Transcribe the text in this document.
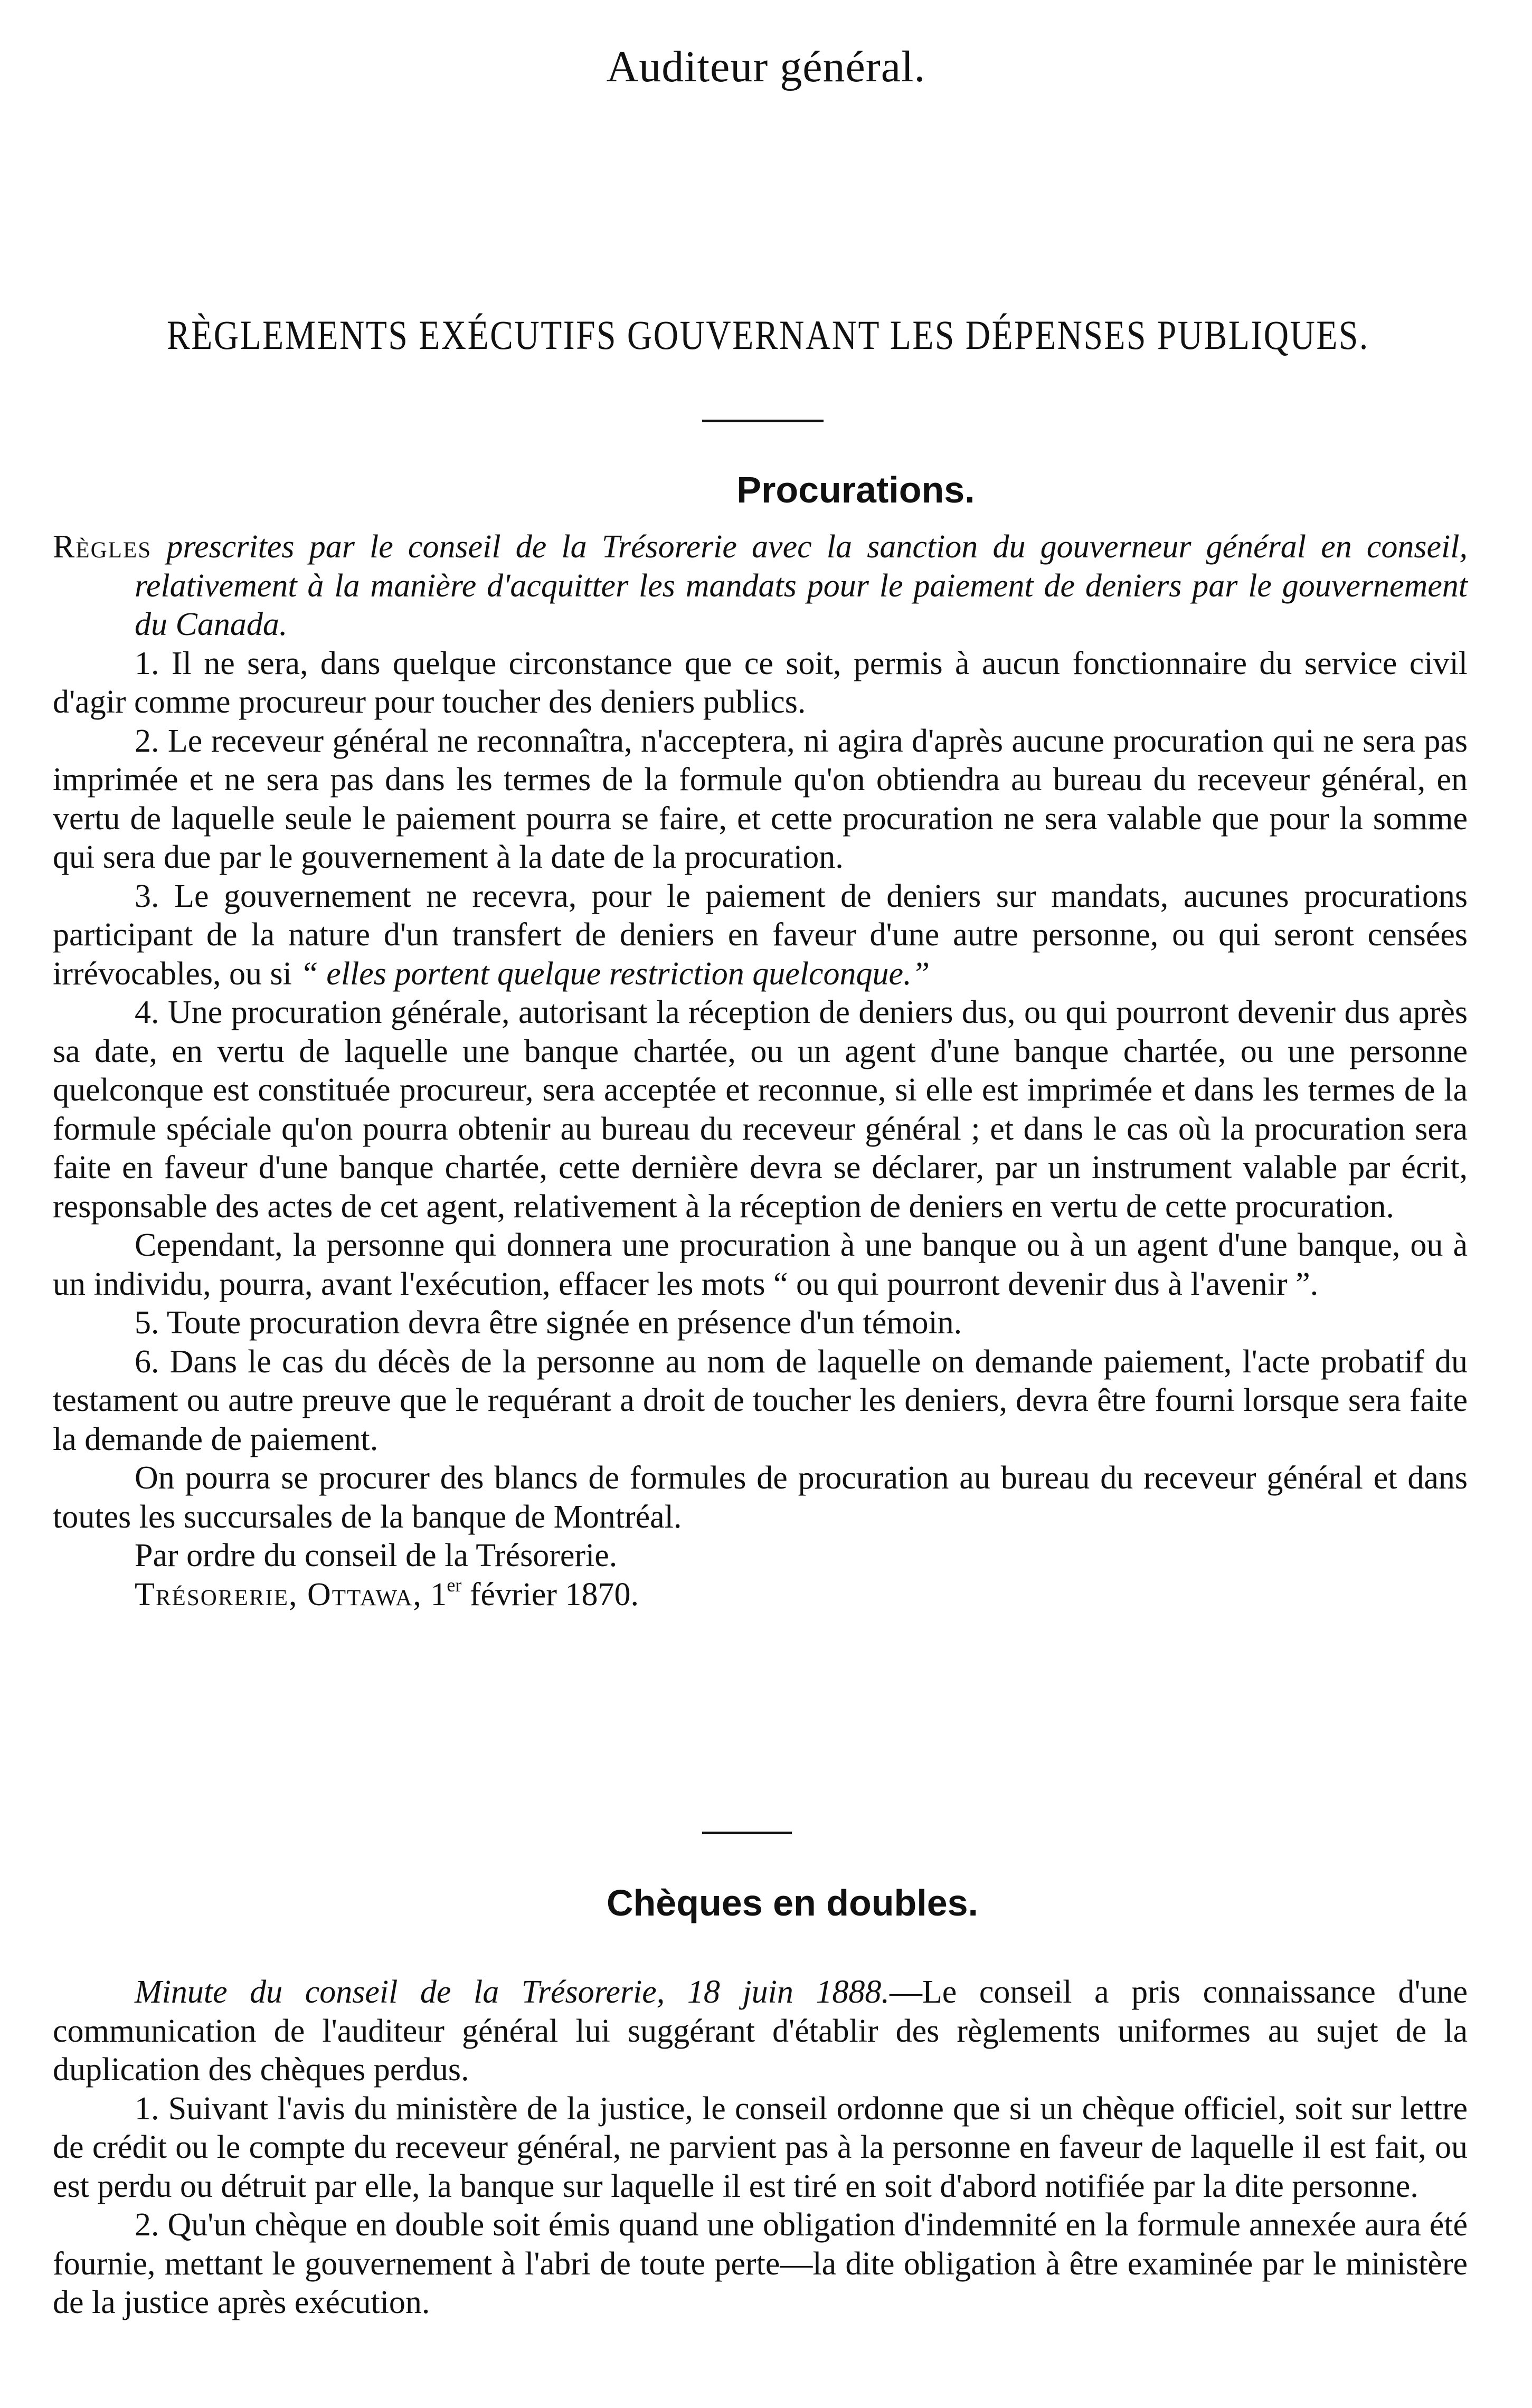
Auditeur général.
RÈGLEMENTS EXÉCUTIFS GOUVERNANT LES DÉPENSES PUBLIQUES.
Procurations.

Règles prescrites par le conseil de la Trésorerie avec la sanction du gouverneur général en conseil, relativement à la manière d'acquitter les mandats pour le paiement de deniers par le gouvernement du Canada.

1. Il ne sera, dans quelque circonstance que ce soit, permis à aucun fonctionnaire du service civil d'agir comme procureur pour toucher des deniers publics.

2. Le receveur général ne reconnaîtra, n'acceptera, ni agira d'après aucune procuration qui ne sera pas imprimée et ne sera pas dans les termes de la formule qu'on obtiendra au bureau du receveur général, en vertu de laquelle seule le paiement pourra se faire, et cette procuration ne sera valable que pour la somme qui sera due par le gouvernement à la date de la procuration.

3. Le gouvernement ne recevra, pour le paiement de deniers sur mandats, aucunes procurations participant de la nature d'un transfert de deniers en faveur d'une autre personne, ou qui seront censées irrévocables, ou si “ elles portent quelque restriction quelconque.”

4. Une procuration générale, autorisant la réception de deniers dus, ou qui pourront devenir dus après sa date, en vertu de laquelle une banque chartée, ou un agent d'une banque chartée, ou une personne quelconque est constituée procureur, sera acceptée et reconnue, si elle est imprimée et dans les termes de la formule spéciale qu'on pourra obtenir au bureau du receveur général ; et dans le cas où la procuration sera faite en faveur d'une banque chartée, cette dernière devra se déclarer, par un instrument valable par écrit, responsable des actes de cet agent, relativement à la réception de deniers en vertu de cette procuration.

Cependant, la personne qui donnera une procuration à une banque ou à un agent d'une banque, ou à un individu, pourra, avant l'exécution, effacer les mots “ ou qui pourront devenir dus à l'avenir ”.

5. Toute procuration devra être signée en présence d'un témoin.

6. Dans le cas du décès de la personne au nom de laquelle on demande paiement, l'acte probatif du testament ou autre preuve que le requérant a droit de toucher les deniers, devra être fourni lorsque sera faite la demande de paiement.

On pourra se procurer des blancs de formules de procuration au bureau du receveur général et dans toutes les succursales de la banque de Montréal.

Par ordre du conseil de la Trésorerie.

Trésorerie, Ottawa, 1er février 1870.

Chèques en doubles.

Minute du conseil de la Trésorerie, 18 juin 1888.—Le conseil a pris connaissance d'une communication de l'auditeur général lui suggérant d'établir des règlements uniformes au sujet de la duplication des chèques perdus.

1. Suivant l'avis du ministère de la justice, le conseil ordonne que si un chèque officiel, soit sur lettre de crédit ou le compte du receveur général, ne parvient pas à la personne en faveur de laquelle il est fait, ou est perdu ou détruit par elle, la banque sur laquelle il est tiré en soit d'abord notifiée par la dite personne.

2. Qu'un chèque en double soit émis quand une obligation d'indemnité en la formule annexée aura été fournie, mettant le gouvernement à l'abri de toute perte—la dite obligation à être examinée par le ministère de la justice après exécution.
